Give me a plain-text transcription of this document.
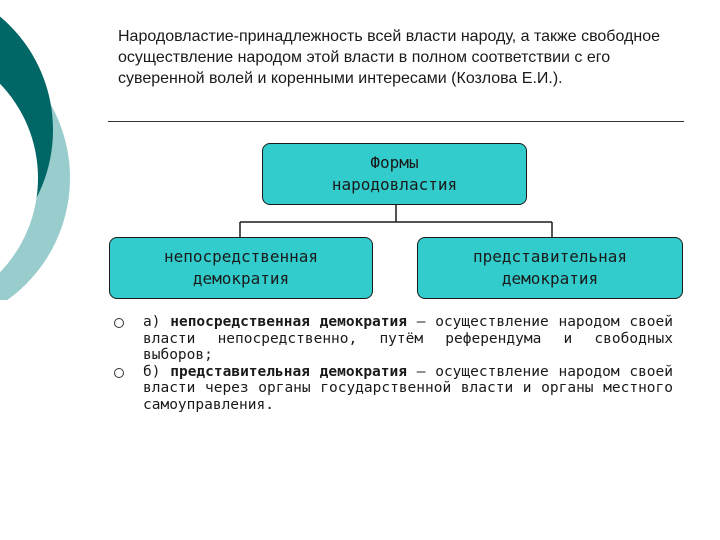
Народовластие-принадлежность всей власти народу, а также свободное осуществление народом этой власти в полном соответствии с его суверенной волей и коренными интересами (Козлова Е.И.).
Формы
народовластия
непосредственная
демократия
представительная
демократия
а) непосредственная демократия – осуществление народом своей власти непосредственно, путём референдума и свободных выборов;
б) представительная демократия – осуществление народом своей власти через органы государственной власти и органы местного самоуправления.
